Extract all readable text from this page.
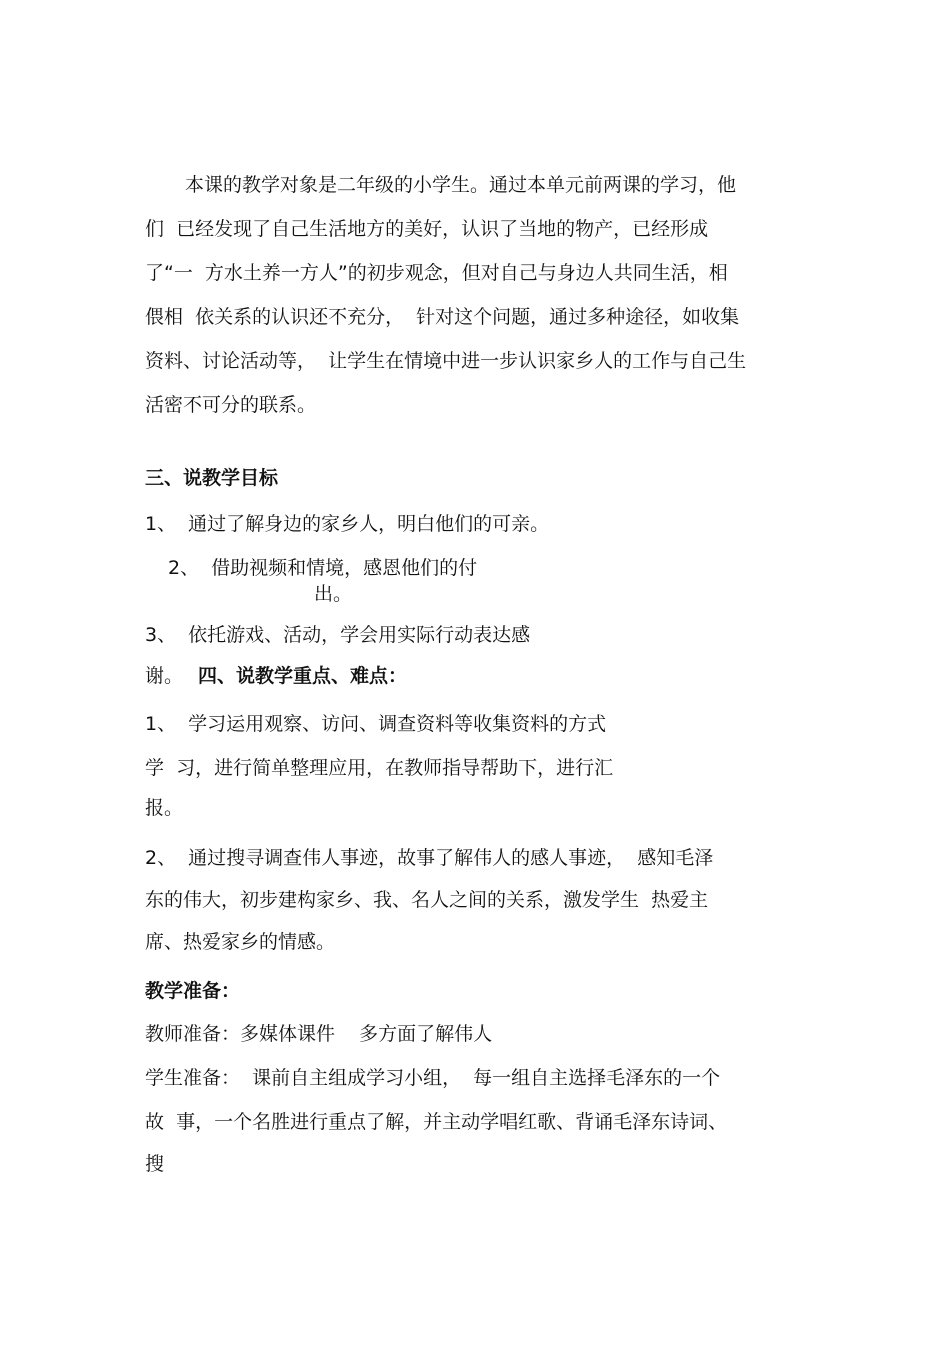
本课的教学对象是二年级的小学生。通过本单元前两课的学习，他

们  已经发现了自己生活地方的美好，认识了当地的物产，已经形成

了“一  方水土养一方人”的初步观念，但对自己与身边人共同生活，相

偎相  依关系的认识还不充分，  针对这个问题，通过多种途径，如收集

资料、讨论活动等，  让学生在情境中进一步认识家乡人的工作与自己生

活密不可分的联系。

三、说教学目标

1、  通过了解身边的家乡人，明白他们的可亲。

2、  借助视频和情境，感恩他们的付

出。

3、  依托游戏、活动，学会用实际行动表达感

谢。 四、说教学重点、难点：

1、  学习运用观察、访问、调查资料等收集资料的方式

学  习，进行简单整理应用，在教师指导帮助下，进行汇

报。

2、  通过搜寻调查伟人事迹，故事了解伟人的感人事迹，  感知毛泽

东的伟大，初步建构家乡、我、名人之间的关系，激发学生  热爱主

席、热爱家乡的情感。

教学准备：

教师准备：多媒体课件    多方面了解伟人

学生准备：  课前自主组成学习小组，  每一组自主选择毛泽东的一个

故  事，一个名胜进行重点了解，并主动学唱红歌、背诵毛泽东诗词、

搜
